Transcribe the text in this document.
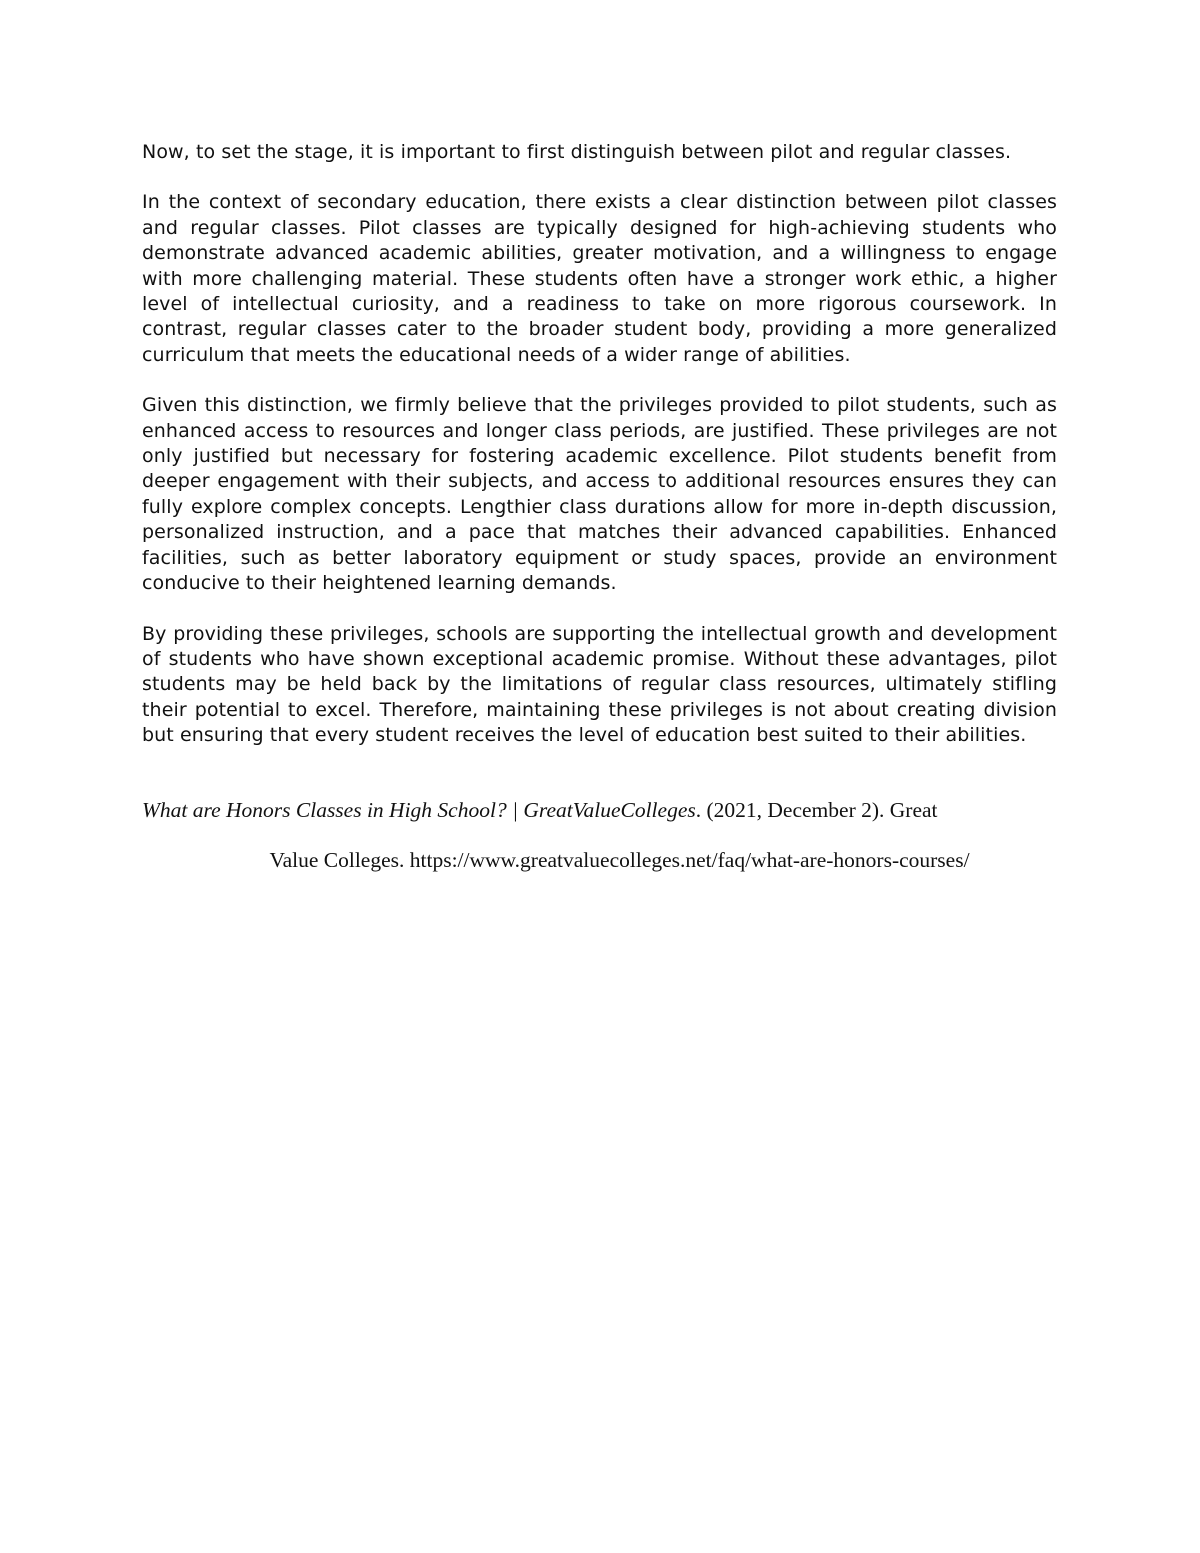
Now, to set the stage, it is important to first distinguish between pilot and regular classes.

In the context of secondary education, there exists a clear distinction between pilot classes and regular classes. Pilot classes are typically designed for high-achieving students who demonstrate advanced academic abilities, greater motivation, and a willingness to engage with more challenging material. These students often have a stronger work ethic, a higher level of intellectual curiosity, and a readiness to take on more rigorous coursework. In contrast, regular classes cater to the broader student body, providing a more generalized curriculum that meets the educational needs of a wider range of abilities.

Given this distinction, we firmly believe that the privileges provided to pilot students, such as enhanced access to resources and longer class periods, are justified. These privileges are not only justified but necessary for fostering academic excellence. Pilot students benefit from deeper engagement with their subjects, and access to additional resources ensures they can fully explore complex concepts. Lengthier class durations allow for more in-depth discussion, personalized instruction, and a pace that matches their advanced capabilities. Enhanced facilities, such as better laboratory equipment or study spaces, provide an environment conducive to their heightened learning demands.

By providing these privileges, schools are supporting the intellectual growth and development of students who have shown exceptional academic promise. Without these advantages, pilot students may be held back by the limitations of regular class resources, ultimately stifling their potential to excel. Therefore, maintaining these privileges is not about creating division but ensuring that every student receives the level of education best suited to their abilities.

What are Honors Classes in High School? | GreatValueColleges. (2021, December 2). Great

Value Colleges. https://www.greatvaluecolleges.net/faq/what-are-honors-courses/
